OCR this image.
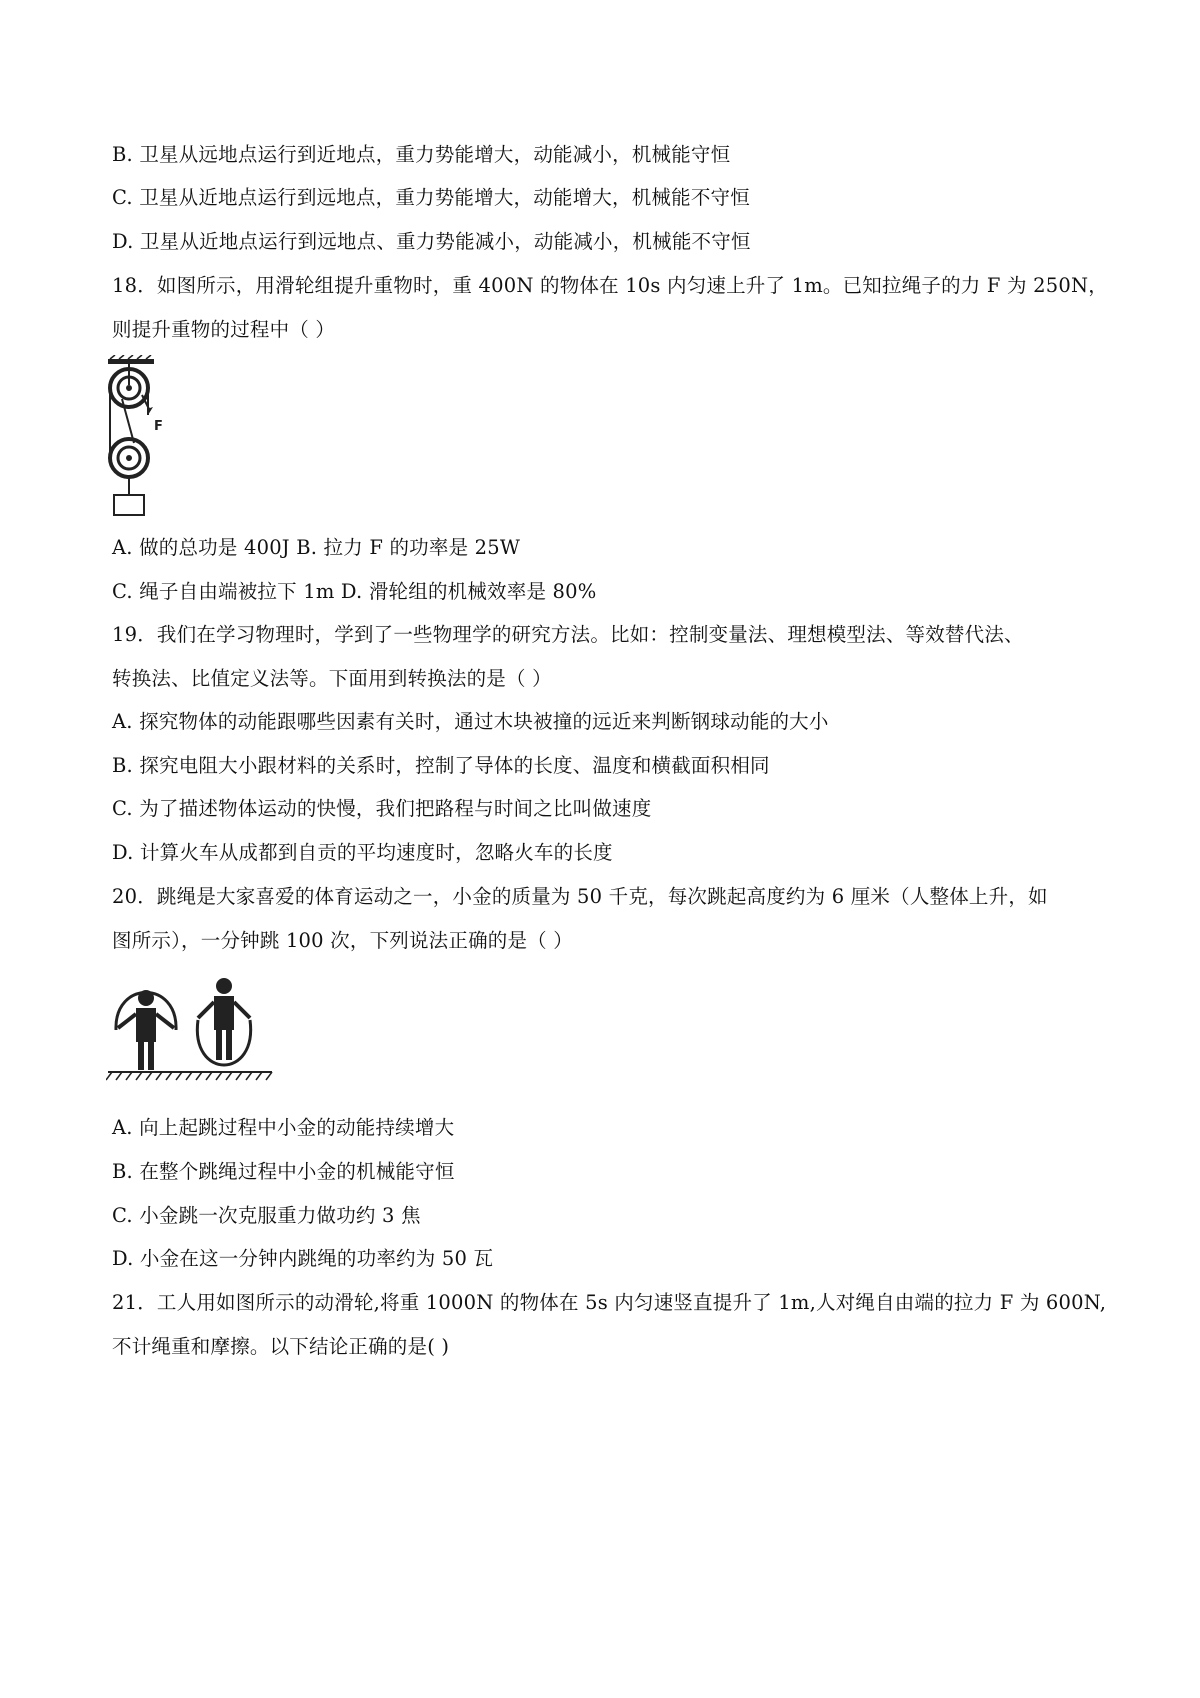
B. 卫星从远地点运行到近地点，重力势能增大，动能减小，机械能守恒
C. 卫星从近地点运行到远地点，重力势能增大，动能增大，机械能不守恒
D. 卫星从近地点运行到远地点、重力势能减小，动能减小，机械能不守恒
18．如图所示，用滑轮组提升重物时，重 400N 的物体在 10s 内匀速上升了 1m。已知拉绳子的力 F 为 250N，
则提升重物的过程中（ ）
F
A. 做的总功是 400J B. 拉力 F 的功率是 25W
C. 绳子自由端被拉下 1m D. 滑轮组的机械效率是 80%
19．我们在学习物理时，学到了一些物理学的研究方法。比如：控制变量法、理想模型法、等效替代法、
转换法、比值定义法等。下面用到转换法的是（ ）
A. 探究物体的动能跟哪些因素有关时，通过木块被撞的远近来判断钢球动能的大小
B. 探究电阻大小跟材料的关系时，控制了导体的长度、温度和横截面积相同
C. 为了描述物体运动的快慢，我们把路程与时间之比叫做速度
D. 计算火车从成都到自贡的平均速度时，忽略火车的长度
20．跳绳是大家喜爱的体育运动之一，小金的质量为 50 千克，每次跳起高度约为 6 厘米（人整体上升，如
图所示），一分钟跳 100 次，下列说法正确的是（ ）
A. 向上起跳过程中小金的动能持续增大
B. 在整个跳绳过程中小金的机械能守恒
C. 小金跳一次克服重力做功约 3 焦
D. 小金在这一分钟内跳绳的功率约为 50 瓦
21．工人用如图所示的动滑轮,将重 1000N 的物体在 5s 内匀速竖直提升了 1m,人对绳自由端的拉力 F 为 600N,
不计绳重和摩擦。以下结论正确的是( )
